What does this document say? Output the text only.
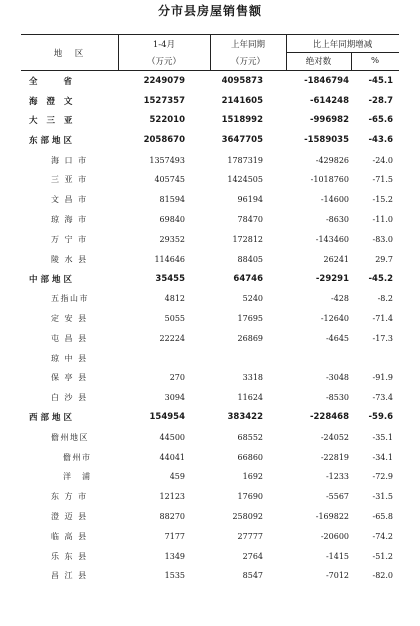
分市县房屋销售额
地　区
1-4月
（万元）
上年同期
（万元）
比上年同期增减
绝对数	%
全　　省	2249079	4095873	-1846794	-45.1
海 澄 文	1527357	2141605	-614248	-28.7
大 三 亚	522010	1518992	-996982	-65.6
东部地区	2058670	3647705	-1589035	-43.6
海 口 市	1357493	1787319	-429826	-24.0
三 亚 市	405745	1424505	-1018760	-71.5
文 昌 市	81594	96194	-14600	-15.2
琼 海 市	69840	78470	-8630	-11.0
万 宁 市	29352	172812	-143460	-83.0
陵 水 县	114646	88405	26241	29.7
中部地区	35455	64746	-29291	-45.2
五指山市	4812	5240	-428	-8.2
定 安 县	5055	17695	-12640	-71.4
屯 昌 县	22224	26869	-4645	-17.3
琼 中 县
保 亭 县	270	3318	-3048	-91.9
白 沙 县	3094	11624	-8530	-73.4
西部地区	154954	383422	-228468	-59.6
儋州地区	44500	68552	-24052	-35.1
儋州市	44041	66860	-22819	-34.1
洋　浦	459	1692	-1233	-72.9
东 方 市	12123	17690	-5567	-31.5
澄 迈 县	88270	258092	-169822	-65.8
临 高 县	7177	27777	-20600	-74.2
乐 东 县	1349	2764	-1415	-51.2
昌 江 县	1535	8547	-7012	-82.0
